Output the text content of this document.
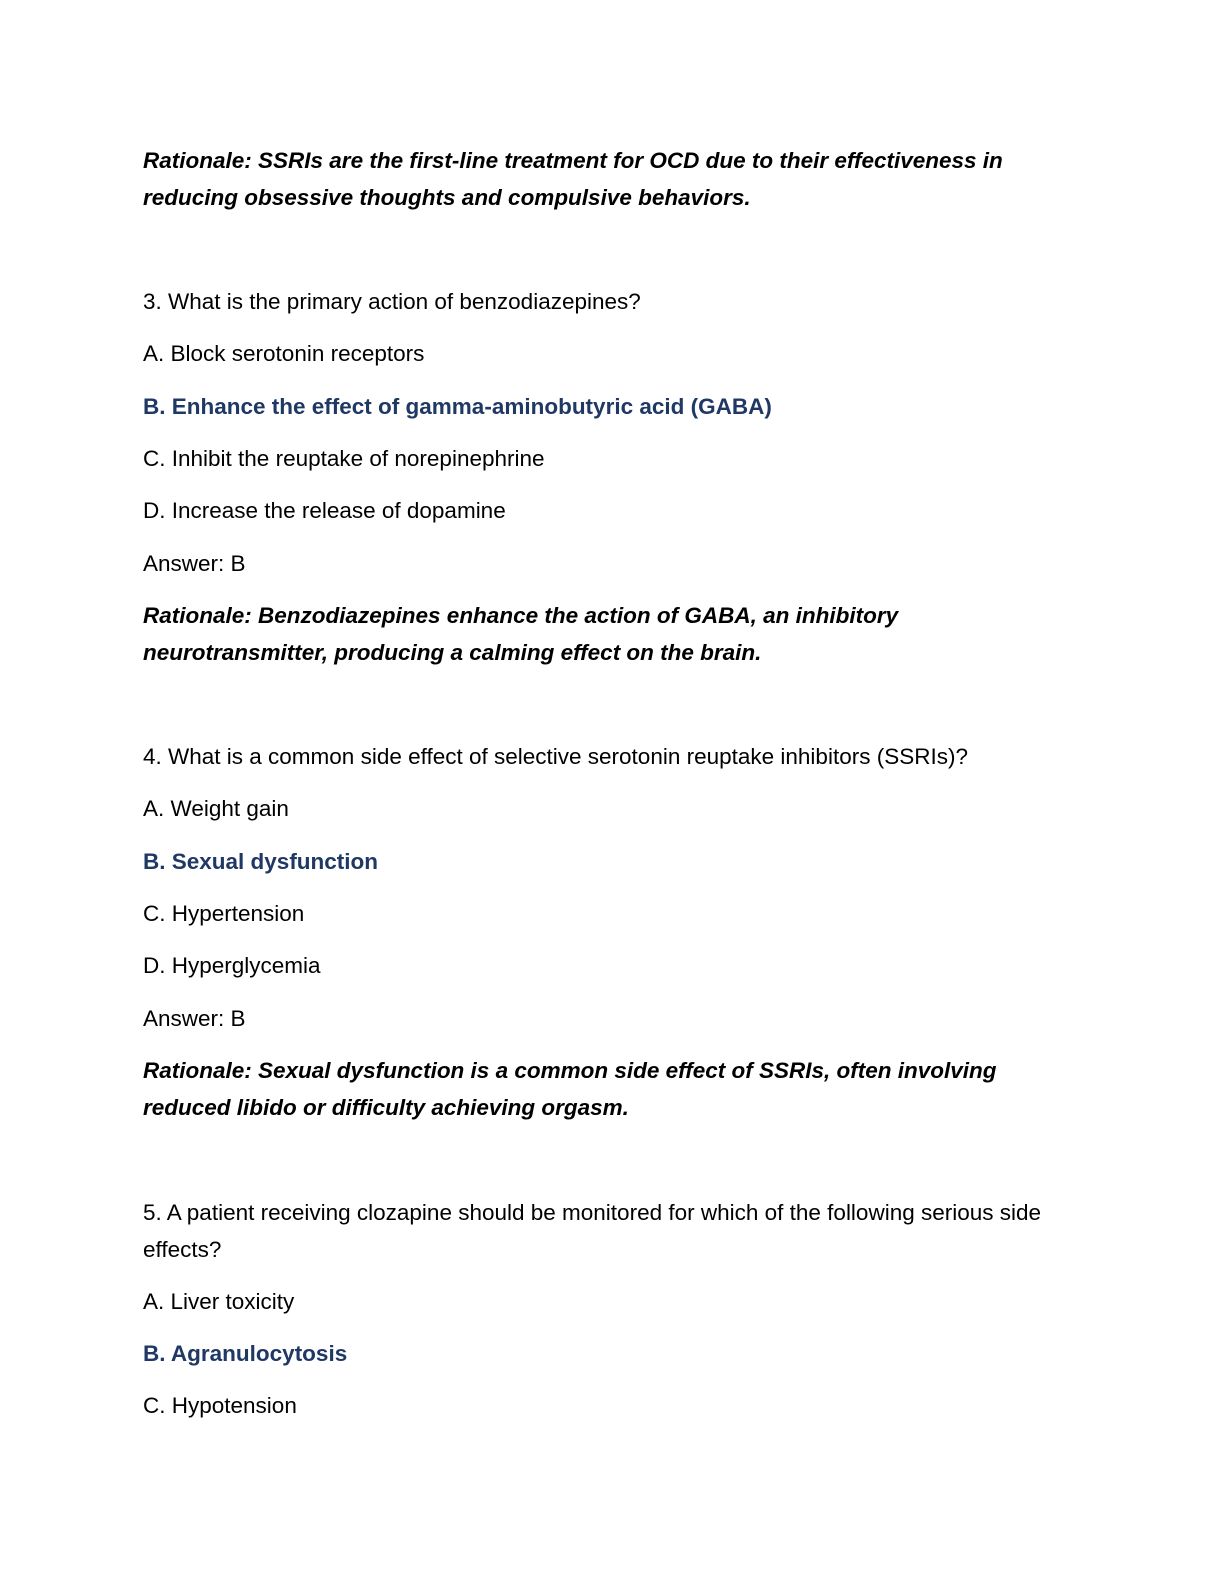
Rationale: SSRIs are the first-line treatment for OCD due to their effectiveness in reducing obsessive thoughts and compulsive behaviors.

3. What is the primary action of benzodiazepines?

A. Block serotonin receptors

B. Enhance the effect of gamma-aminobutyric acid (GABA)

C. Inhibit the reuptake of norepinephrine

D. Increase the release of dopamine

Answer: B

Rationale: Benzodiazepines enhance the action of GABA, an inhibitory neurotransmitter, producing a calming effect on the brain.

4. What is a common side effect of selective serotonin reuptake inhibitors (SSRIs)?

A. Weight gain

B. Sexual dysfunction

C. Hypertension

D. Hyperglycemia

Answer: B

Rationale: Sexual dysfunction is a common side effect of SSRIs, often involving reduced libido or difficulty achieving orgasm.

5. A patient receiving clozapine should be monitored for which of the following serious side effects?

A. Liver toxicity

B. Agranulocytosis

C. Hypotension
